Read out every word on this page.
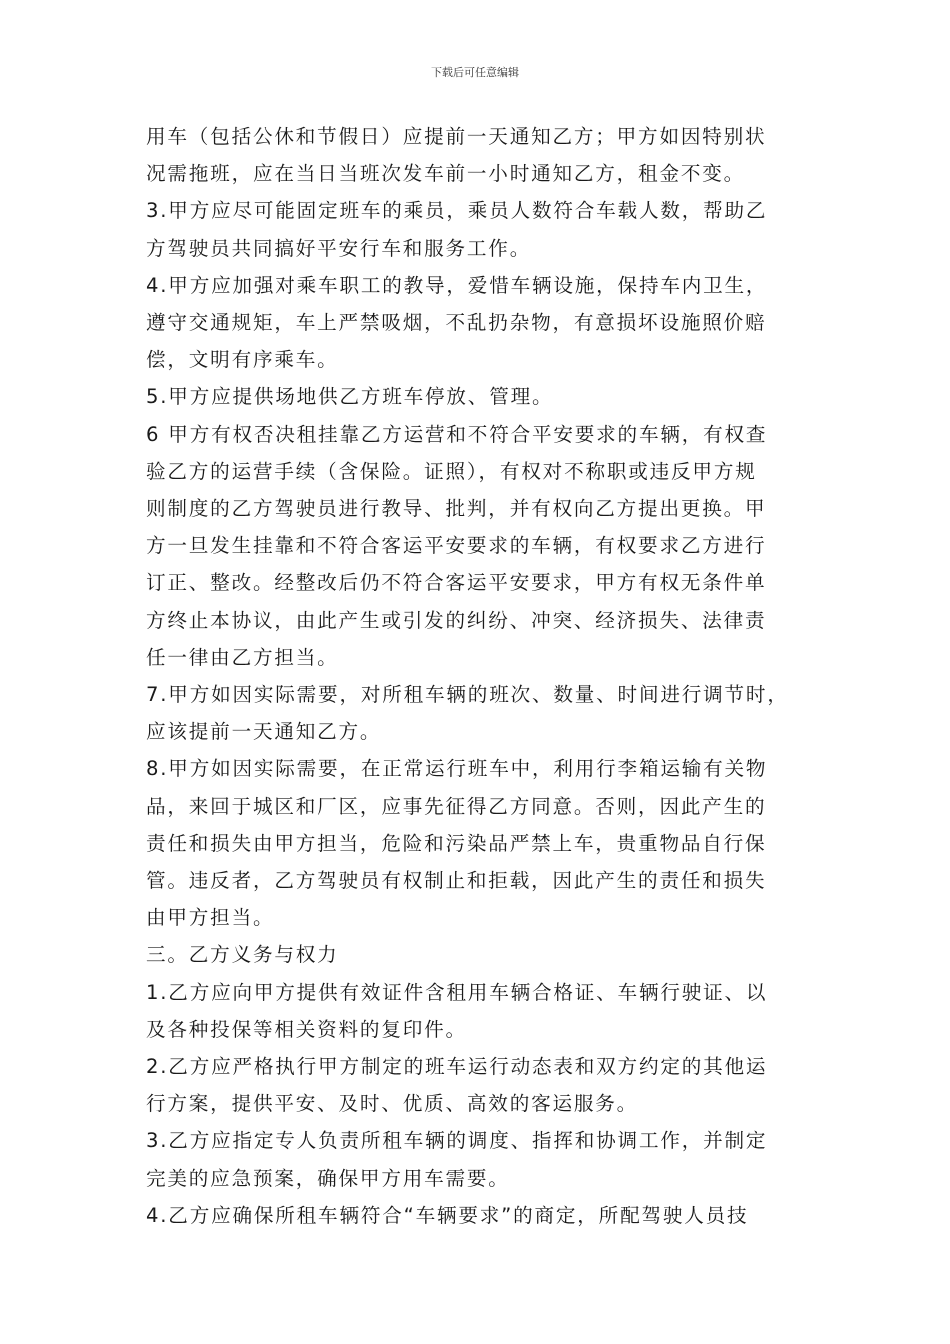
下载后可任意编辑

用车（包括公休和节假日）应提前一天通知乙方；甲方如因特别状

况需拖班，应在当日当班次发车前一小时通知乙方，租金不变。

3.甲方应尽可能固定班车的乘员，乘员人数符合车载人数，帮助乙

方驾驶员共同搞好平安行车和服务工作。

4.甲方应加强对乘车职工的教导，爱惜车辆设施，保持车内卫生，

遵守交通规矩，车上严禁吸烟，不乱扔杂物，有意损坏设施照价赔

偿，文明有序乘车。

5.甲方应提供场地供乙方班车停放、管理。

6 甲方有权否决租挂靠乙方运营和不符合平安要求的车辆，有权查

验乙方的运营手续（含保险。证照），有权对不称职或违反甲方规

则制度的乙方驾驶员进行教导、批判，并有权向乙方提出更换。甲

方一旦发生挂靠和不符合客运平安要求的车辆，有权要求乙方进行

订正、整改。经整改后仍不符合客运平安要求，甲方有权无条件单

方终止本协议，由此产生或引发的纠纷、冲突、经济损失、法律责

任一律由乙方担当。

7.甲方如因实际需要，对所租车辆的班次、数量、时间进行调节时，

应该提前一天通知乙方。

8.甲方如因实际需要，在正常运行班车中，利用行李箱运输有关物

品，来回于城区和厂区，应事先征得乙方同意。否则，因此产生的

责任和损失由甲方担当，危险和污染品严禁上车，贵重物品自行保

管。违反者，乙方驾驶员有权制止和拒载，因此产生的责任和损失

由甲方担当。

三。乙方义务与权力

1.乙方应向甲方提供有效证件含租用车辆合格证、车辆行驶证、以

及各种投保等相关资料的复印件。

2.乙方应严格执行甲方制定的班车运行动态表和双方约定的其他运

行方案，提供平安、及时、优质、高效的客运服务。

3.乙方应指定专人负责所租车辆的调度、指挥和协调工作，并制定

完美的应急预案，确保甲方用车需要。

4.乙方应确保所租车辆符合“车辆要求”的商定，所配驾驶人员技
